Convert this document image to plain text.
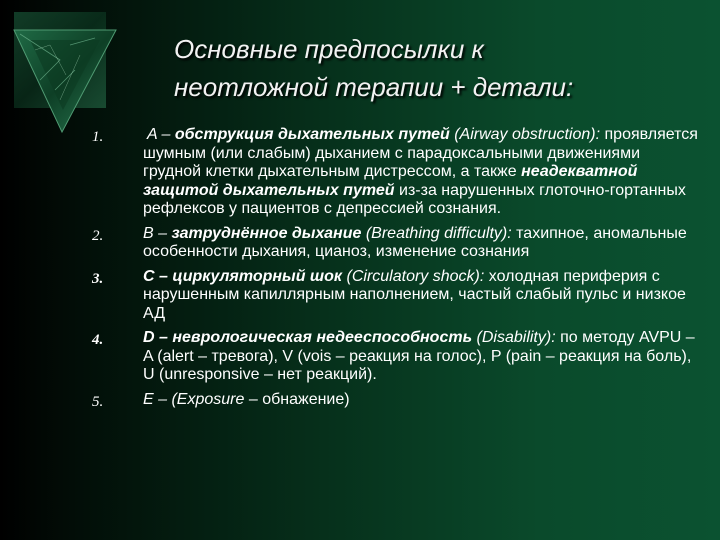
Основные предпосылки к
неотложной терапии + детали:
1.	A – обструкция дыхательных путей (Airway obstruction): проявляется шумным (или слабым) дыханием с парадоксальными движениями грудной клетки дыхательным дистрессом, а также неадекватной защитой дыхательных путей из-за нарушенных глоточно-гортанных рефлексов у пациентов с депрессией сознания.
2.	B – затруднённое дыхание (Breathing difficulty): тахипное, аномальные особенности дыхания, цианоз, изменение сознания
3.	C – циркуляторный шок (Circulatory shock): холодная периферия с нарушенным капиллярным наполнением, частый слабый пульс и низкое АД
4.	D – неврологическая недееспособность (Disability): по методу AVPU – A (alert – тревога), V (vois – реакция на голос), P (pain – реакция на боль), U (unresponsive – нет реакций).
5.	E – (Exposure – обнажение)
